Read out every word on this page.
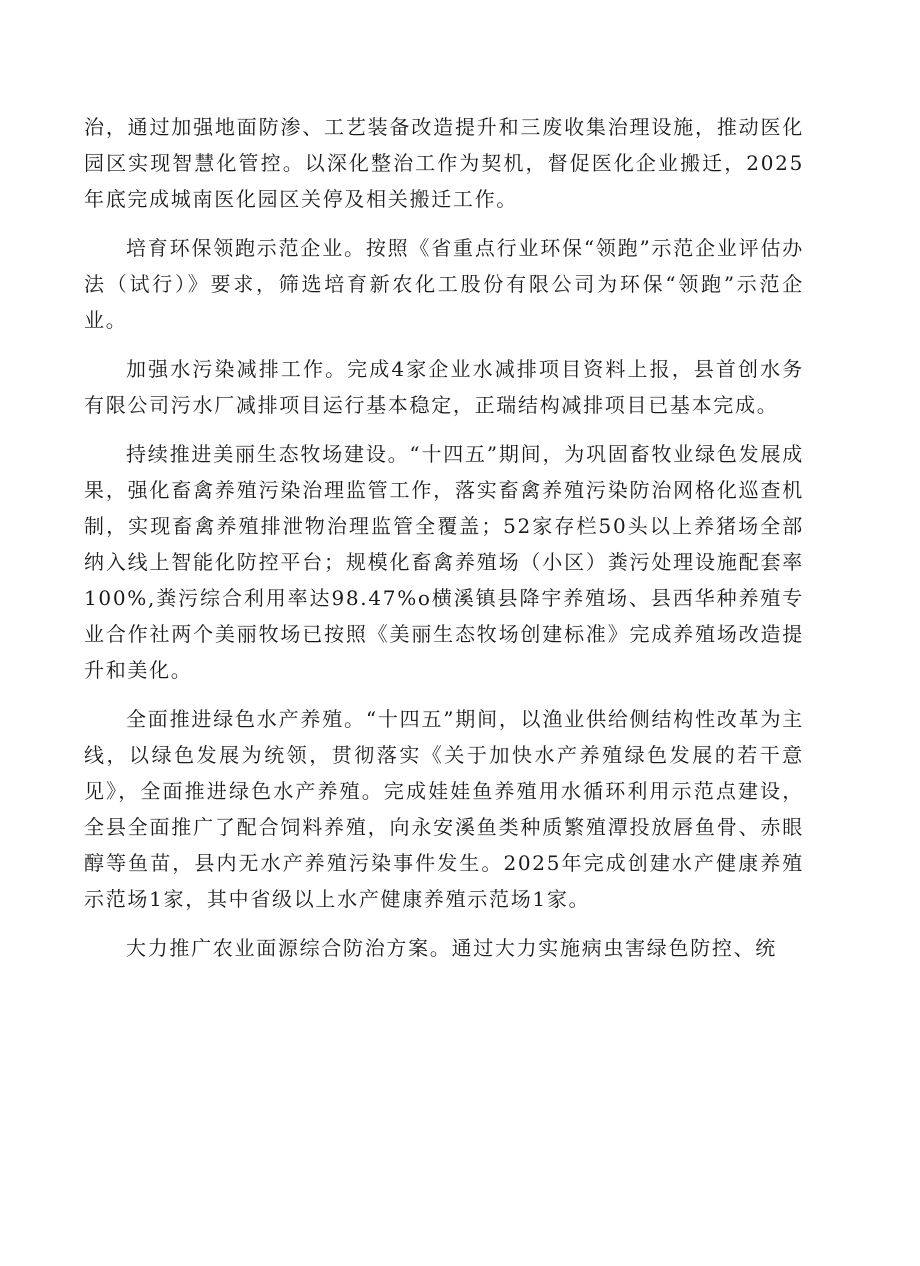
治，通过加强地面防渗、工艺装备改造提升和三废收集治理设施，推动医化园区实现智慧化管控。以深化整治工作为契机，督促医化企业搬迁，2025年底完成城南医化园区关停及相关搬迁工作。

培育环保领跑示范企业。按照《省重点行业环保“领跑”示范企业评估办法（试行）》要求，筛选培育新农化工股份有限公司为环保“领跑”示范企业。

加强水污染减排工作。完成4家企业水减排项目资料上报，县首创水务有限公司污水厂减排项目运行基本稳定，正瑞结构减排项目已基本完成。

持续推进美丽生态牧场建设。“十四五”期间，为巩固畜牧业绿色发展成果，强化畜禽养殖污染治理监管工作，落实畜禽养殖污染防治网格化巡查机制，实现畜禽养殖排泄物治理监管全覆盖；52家存栏50头以上养猪场全部纳入线上智能化防控平台；规模化畜禽养殖场（小区）粪污处理设施配套率100%,粪污综合利用率达98.47%o横溪镇县降宇养殖场、县西华种养殖专业合作社两个美丽牧场已按照《美丽生态牧场创建标准》完成养殖场改造提升和美化。

全面推进绿色水产养殖。“十四五”期间，以渔业供给侧结构性改革为主线，以绿色发展为统领，贯彻落实《关于加快水产养殖绿色发展的若干意见》，全面推进绿色水产养殖。完成娃娃鱼养殖用水循环利用示范点建设，全县全面推广了配合饲料养殖，向永安溪鱼类种质繁殖潭投放唇鱼骨、赤眼醇等鱼苗，县内无水产养殖污染事件发生。2025年完成创建水产健康养殖示范场1家，其中省级以上水产健康养殖示范场1家。

大力推广农业面源综合防治方案。通过大力实施病虫害绿色防控、统
